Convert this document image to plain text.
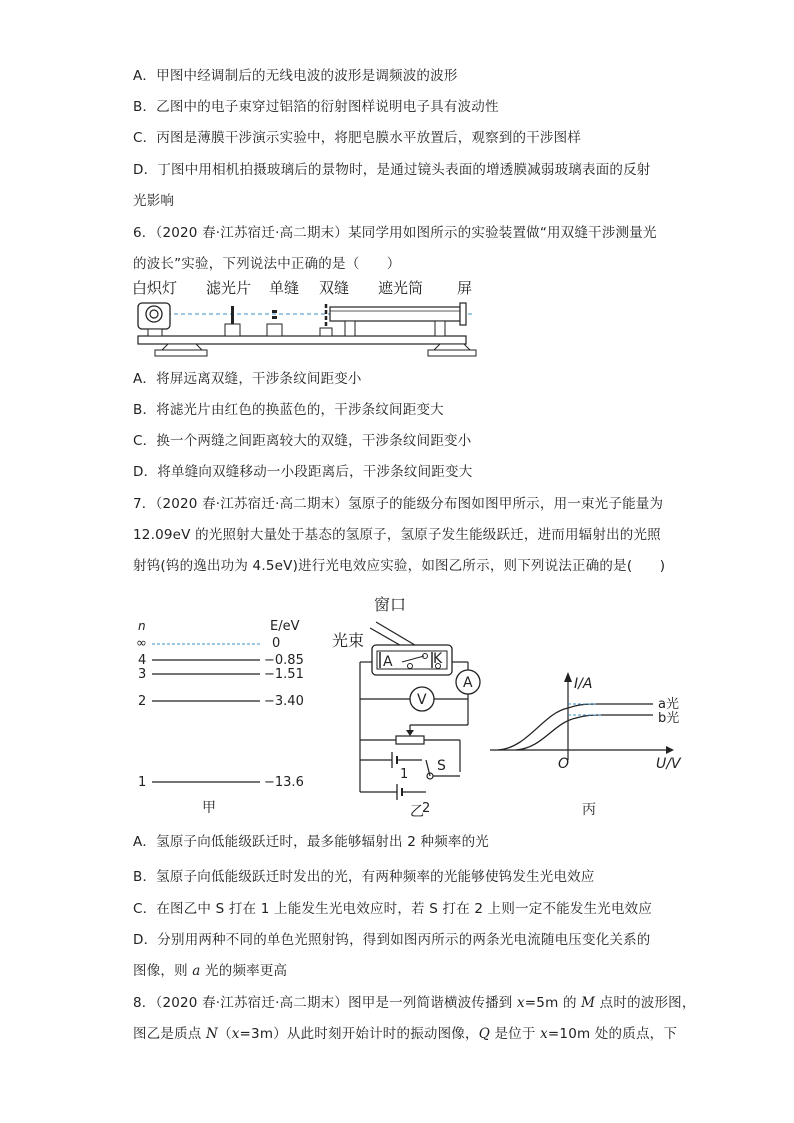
A．甲图中经调制后的无线电波的波形是调频波的波形
B．乙图中的电子束穿过铝箔的衍射图样说明电子具有波动性
C．丙图是薄膜干涉演示实验中，将肥皂膜水平放置后，观察到的干涉图样
D．丁图中用相机拍摄玻璃后的景物时，是通过镜头表面的增透膜减弱玻璃表面的反射
光影响
6．（2020 春·江苏宿迁·高二期末）某同学用如图所示的实验装置做“用双缝干涉测量光
的波长”实验，下列说法中正确的是（　　）
白炽灯 滤光片 单缝 双缝 遮光筒 屏
A．将屏远离双缝，干涉条纹间距变小
B．将滤光片由红色的换蓝色的，干涉条纹间距变大
C．换一个两缝之间距离较大的双缝，干涉条纹间距变小
D．将单缝向双缝移动一小段距离后，干涉条纹间距变大
7．（2020 春·江苏宿迁·高二期末）氢原子的能级分布图如图甲所示，用一束光子能量为
12.09eV 的光照射大量处于基态的氢原子，氢原子发生能级跃迁，进而用辐射出的光照
射钨(钨的逸出功为 4.5eV)进行光电效应实验，如图乙所示，则下列说法正确的是(　　)
n	E/eV
∞	0
4	−0.85
3	−1.51
2	−3.40
1	−13.6
甲
窗口
光束
A	K
A
V
1
2
S
乙
I/A
U/V
O
a光
b光
丙
A．氢原子向低能级跃迁时，最多能够辐射出 2 种频率的光
B．氢原子向低能级跃迁时发出的光，有两种频率的光能够使钨发生光电效应
C．在图乙中 S 打在 1 上能发生光电效应时，若 S 打在 2 上则一定不能发生光电效应
D．分别用两种不同的单色光照射钨，得到如图丙所示的两条光电流随电压变化关系的
图像，则 a 光的频率更高
8．（2020 春·江苏宿迁·高二期末）图甲是一列简谐横波传播到 x=5m 的 M 点时的波形图，
图乙是质点 N（x=3m）从此时刻开始计时的振动图像，Q 是位于 x=10m 处的质点，下
